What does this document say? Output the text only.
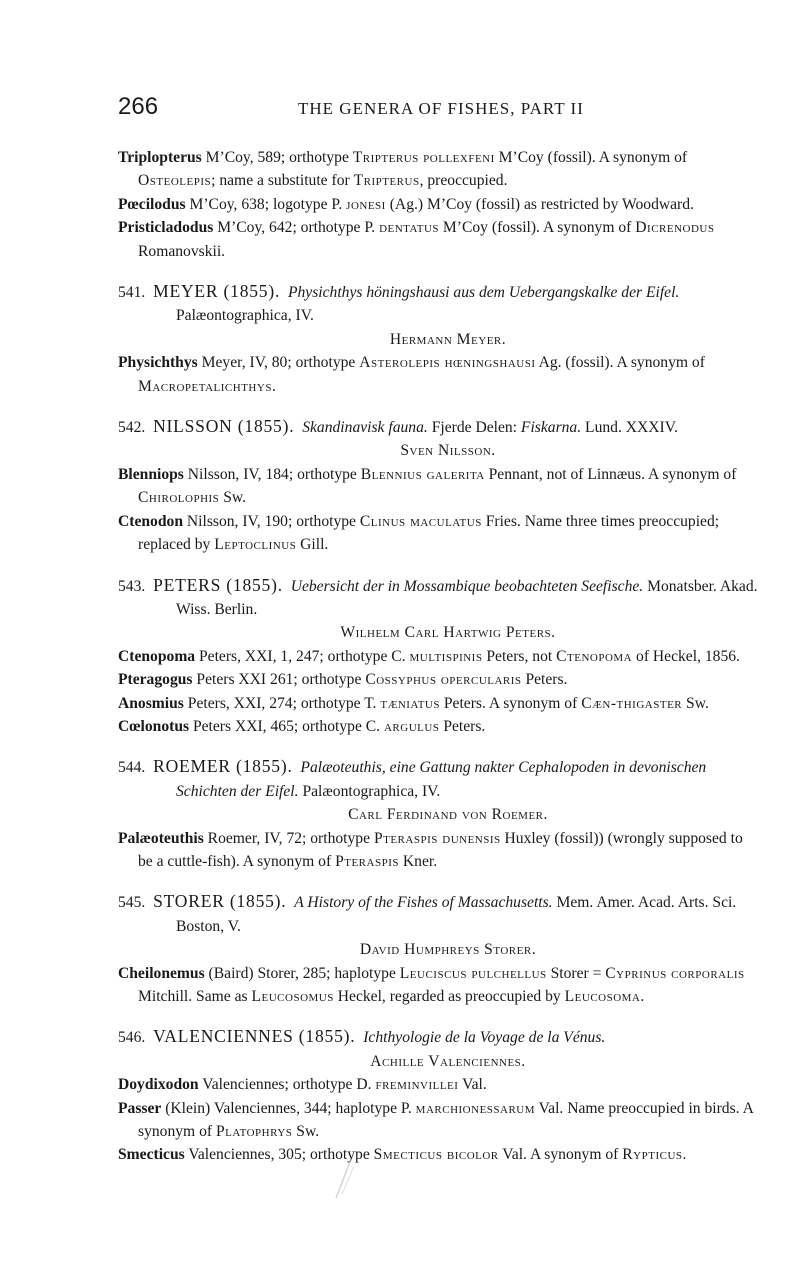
266	THE GENERA OF FISHES, PART II

Triplopterus M’Coy, 589; orthotype Tripterus pollexfeni M’Coy (fossil). A synonym of Osteolepis; name a substitute for Tripterus, preoccupied.

Pœcilodus M’Coy, 638; logotype P. jonesi (Ag.) M’Coy (fossil) as restricted by Woodward.

Pristicladodus M’Coy, 642; orthotype P. dentatus M’Coy (fossil). A synonym of Dicrenodus Romanovskii.

541. MEYER (1855). Physichthys höningshausi aus dem Uebergangskalke der Eifel. Palæontographica, IV.

Hermann Meyer.

Physichthys Meyer, IV, 80; orthotype Asterolepis hœningshausi Ag. (fossil). A synonym of Macropetalichthys.

542. NILSSON (1855). Skandinavisk fauna. Fjerde Delen: Fiskarna. Lund. XXXIV.

Sven Nilsson.

Blenniops Nilsson, IV, 184; orthotype Blennius galerita Pennant, not of Linnæus. A synonym of Chirolophis Sw.

Ctenodon Nilsson, IV, 190; orthotype Clinus maculatus Fries. Name three times preoccupied; replaced by Leptoclinus Gill.

543. PETERS (1855). Uebersicht der in Mossambique beobachteten Seefische. Monatsber. Akad. Wiss. Berlin.

Wilhelm Carl Hartwig Peters.

Ctenopoma Peters, XXI, 1, 247; orthotype C. multispinis Peters, not Ctenopoma of Heckel, 1856.

Pteragogus Peters XXI 261; orthotype Cossyphus opercularis Peters.

Anosmius Peters, XXI, 274; orthotype T. tæniatus Peters. A synonym of Cæn-thigaster Sw.

Cœlonotus Peters XXI, 465; orthotype C. argulus Peters.

544. ROEMER (1855). Palæoteuthis, eine Gattung nakter Cephalopoden in devonischen Schichten der Eifel. Palæontographica, IV.

Carl Ferdinand von Roemer.

Palæoteuthis Roemer, IV, 72; orthotype Pteraspis dunensis Huxley (fossil)) (wrongly supposed to be a cuttle-fish). A synonym of Pteraspis Kner.

545. STORER (1855). A History of the Fishes of Massachusetts. Mem. Amer. Acad. Arts. Sci. Boston, V.

David Humphreys Storer.

Cheilonemus (Baird) Storer, 285; haplotype Leuciscus pulchellus Storer = Cyprinus corporalis Mitchill. Same as Leucosomus Heckel, regarded as preoccupied by Leucosoma.

546. VALENCIENNES (1855). Ichthyologie de la Voyage de la Vénus.

Achille Valenciennes.

Doydixodon Valenciennes; orthotype D. freminvillei Val.

Passer (Klein) Valenciennes, 344; haplotype P. marchionessarum Val. Name preoccupied in birds. A synonym of Platophrys Sw.

Smecticus Valenciennes, 305; orthotype Smecticus bicolor Val. A synonym of Rypticus.
